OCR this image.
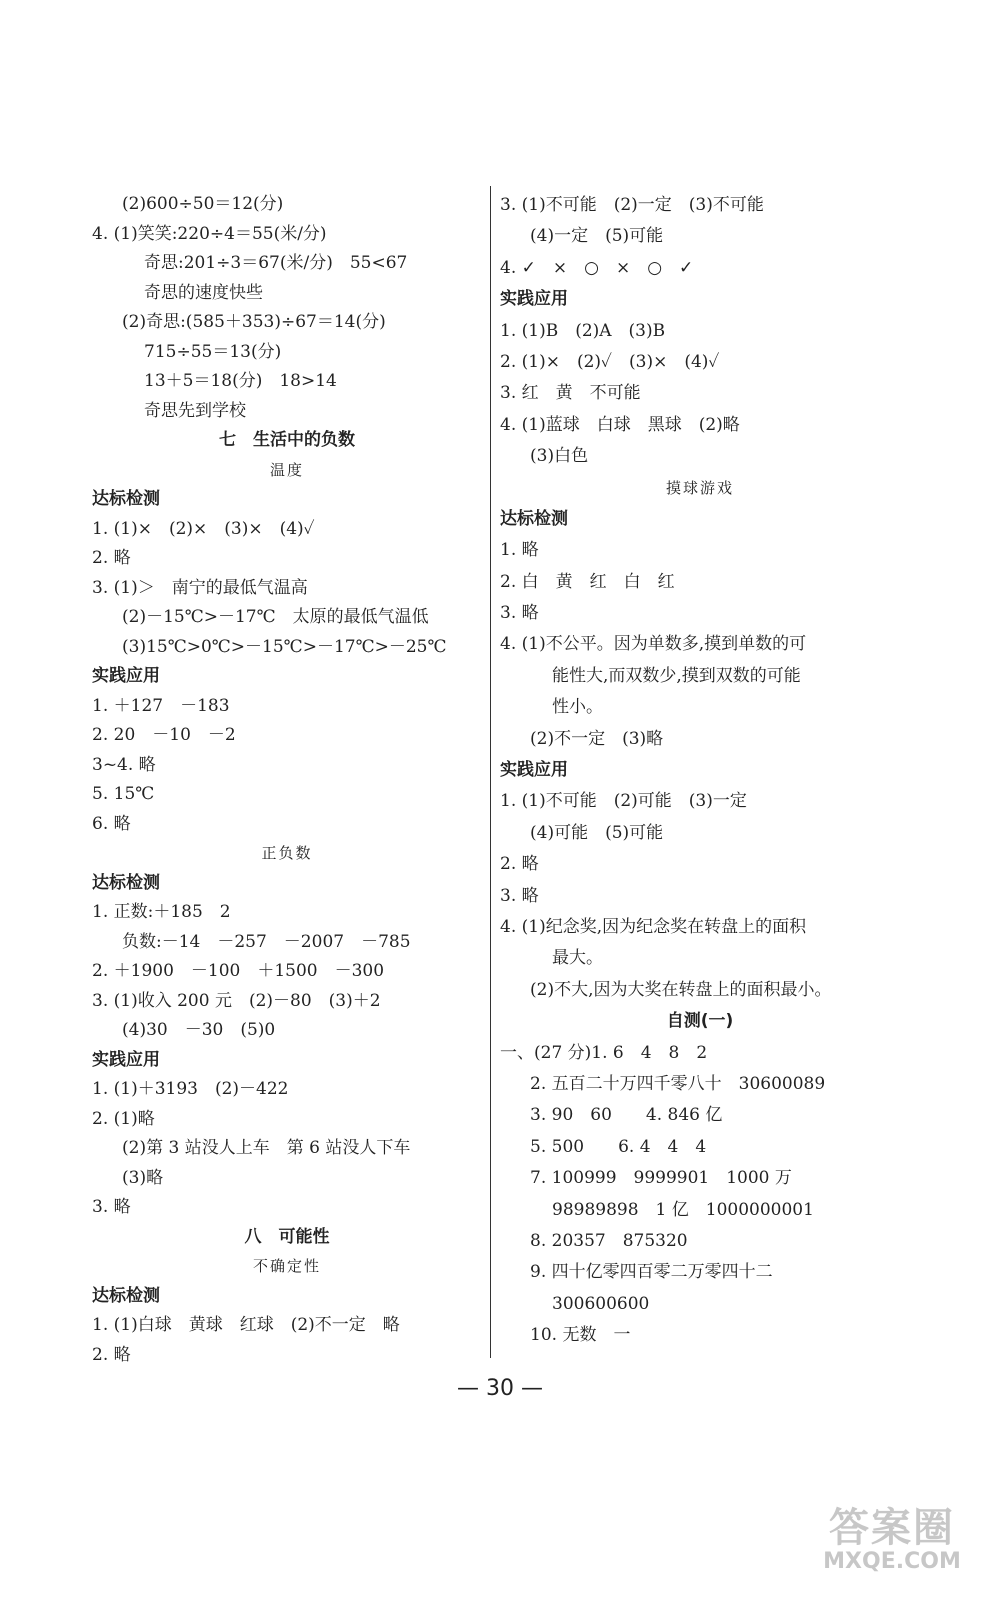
(2)600÷50＝12(分)
4. (1)笑笑:220÷4＝55(米/分)
奇思:201÷3＝67(米/分)　55<67
奇思的速度快些
(2)奇思:(585＋353)÷67＝14(分)
715÷55＝13(分)
13＋5＝18(分)　18>14
奇思先到学校
七　生活中的负数
温度
达标检测
1. (1)×　(2)×　(3)×　(4)✓
2. 略
3. (1)＞　南宁的最低气温高
(2)－15℃>－17℃　太原的最低气温低
(3)15℃>0℃>－15℃>－17℃>－25℃
实践应用
1. ＋127　－183
2. 20　－10　－2
3~4. 略
5. 15℃
6. 略
正负数
达标检测
1. 正数:＋185　2
负数:－14　－257　－2007　－785
2. ＋1900　－100　＋1500　－300
3. (1)收入 200 元　(2)－80　(3)＋2
(4)30　－30　(5)0
实践应用
1. (1)＋3193　(2)－422
2. (1)略
(2)第 3 站没人上车　第 6 站没人下车
(3)略
3. 略
八　可能性
不确定性
达标检测
1. (1)白球　黄球　红球　(2)不一定　略
2. 略
3. (1)不可能　(2)一定　(3)不可能
(4)一定　(5)可能
4. ✓　×　○　×　○　✓
实践应用
1. (1)B　(2)A　(3)B
2. (1)×　(2)✓　(3)×　(4)✓
3. 红　黄　不可能
4. (1)蓝球　白球　黑球　(2)略
(3)白色
摸球游戏
达标检测
1. 略
2. 白　黄　红　白　红
3. 略
4. (1)不公平。因为单数多,摸到单数的可
能性大,而双数少,摸到双数的可能
性小。
(2)不一定　(3)略
实践应用
1. (1)不可能　(2)可能　(3)一定
(4)可能　(5)可能
2. 略
3. 略
4. (1)纪念奖,因为纪念奖在转盘上的面积
最大。
(2)不大,因为大奖在转盘上的面积最小。
自测(一)
一、(27 分)1. 6　4　8　2
2. 五百二十万四千零八十　30600089
3. 90　60　　4. 846 亿
5. 500　　6. 4　4　4
7. 100999　9999901　1000 万
98989898　1 亿　1000000001
8. 20357　875320
9. 四十亿零四百零二万零四十二
300600600
10. 无数　一
— 30 —
答案圈
MXQE.COM
